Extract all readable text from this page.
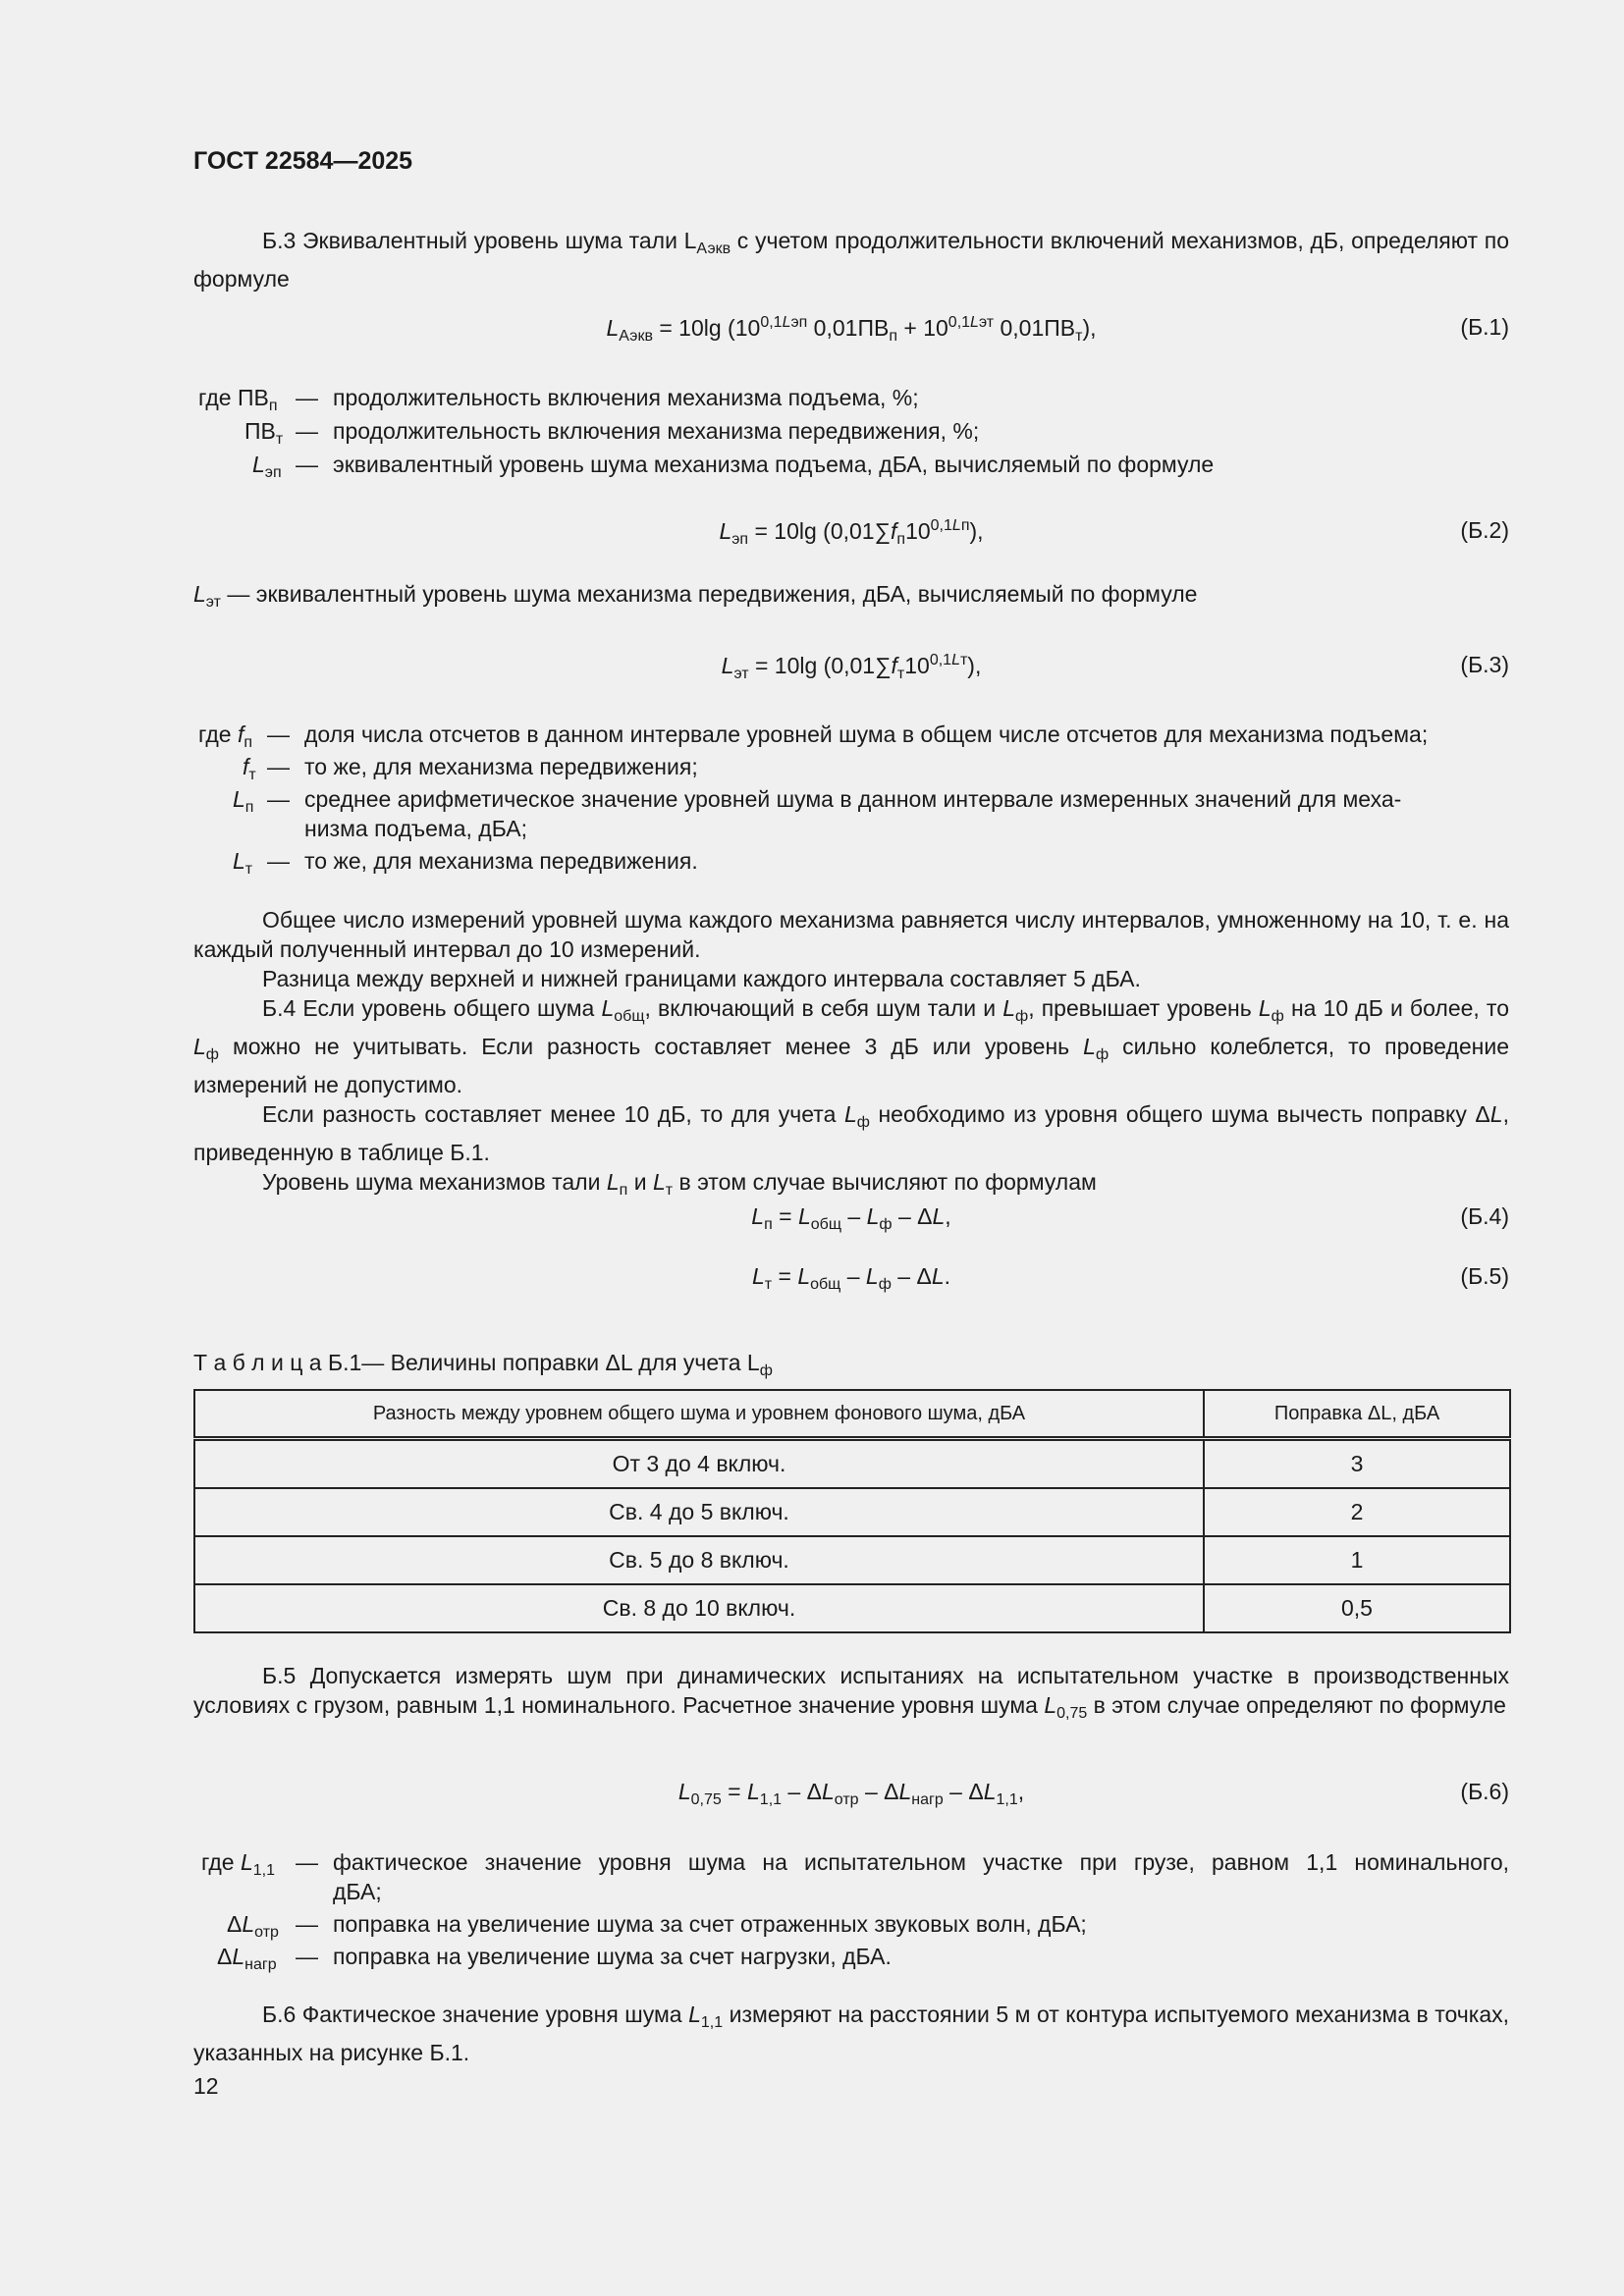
ГОСТ 22584—2025

Б.3 Эквивалентный уровень шума тали $L_{Аэкв}$ с учетом продолжительности включений механизмов, дБ, определяют по формуле

$L_{Аэкв} = 10\lg$ ($10^{0,1Lэп}$ $0,01ПВ_п + 10^{0,1Lэт}$ $0,01ПВ_т$),	(Б.1)
где $ПВ_п$ — продолжительность включения механизма подъема, %;
$ПВ_т$ — продолжительность включения механизма передвижения, %;
$L_{эп}$ — эквивалентный уровень шума механизма подъема, дБА, вычисляемый по формуле
$L_{эп} = 10\lg$ $(0,01\sum f_п10^{0,1Lп})$,	(Б.2)
$L_{эт}$ — эквивалентный уровень шума механизма передвижения, дБА, вычисляемый по формуле
$L_{эт} = 10\lg$ $(0,01\sum f_т10^{0,1Lт})$,	(Б.3)
где $f_п$ — доля числа отсчетов в данном интервале уровней шума в общем числе отсчетов для механизма подъема;
$f_т$ — то же, для механизма передвижения;
$L_п$ — среднее арифметическое значение уровней шума в данном интервале измеренных значений для меха-
низма подъема, дБА;
$L_т$ — то же, для механизма передвижения.

Общее число измерений уровней шума каждого механизма равняется числу интервалов, умноженному на 10, т. е. на каждый полученный интервал до 10 измерений.

Разница между верхней и нижней границами каждого интервала составляет 5 дБА.

Б.4 Если уровень общего шума $L_{общ}$, включающий в себя шум тали и $L_ф$, превышает уровень $L_ф$ на 10 дБ и более, то $L_ф$ можно не учитывать. Если разность составляет менее 3 дБ или уровень $L_ф$ сильно колеблется, то проведение измерений не допустимо.

Если разность составляет менее 10 дБ, то для учета $L_ф$ необходимо из уровня общего шума вычесть поправку ΔL, приведенную в таблице Б.1.

Уровень шума механизмов тали $L_п$ и $L_т$ в этом случае вычисляют по формулам

$L_п = L_{общ} - L_ф - \Delta L$,	(Б.4)
$L_т = L_{общ} - L_ф - \Delta L$.	(Б.5)
Т а б л и ц а Б.1— Величины поправки ΔL для учета $L_ф$
Разность между уровнем общего шума и уровнем фонового шума, дБА	Поправка ΔL, дБА
От 3 до 4 включ.	3
Св. 4 до 5 включ.	2
Св. 5 до 8 включ.	1
Св. 8 до 10 включ.	0,5

Б.5 Допускается измерять шум при динамических испытаниях на испытательном участке в производственных условиях с грузом, равным 1,1 номинального. Расчетное значение уровня шума $L_{0,75}$ в этом случае определяют по формуле

$L_{0,75} = L_{1,1} - \Delta L_{отр} - \Delta L_{нагр} - \Delta L_{1,1}$,	(Б.6)
где $L_{1,1}$ — фактическое значение уровня шума на испытательном участке при грузе, равном 1,1 номинального,
дБА;
$\Delta L_{отр}$ — поправка на увеличение шума за счет отраженных звуковых волн, дБА;
$\Delta L_{нагр}$ — поправка на увеличение шума за счет нагрузки, дБА.

Б.6 Фактическое значение уровня шума $L_{1,1}$ измеряют на расстоянии 5 м от контура испытуемого механизма в точках, указанных на рисунке Б.1.

12
